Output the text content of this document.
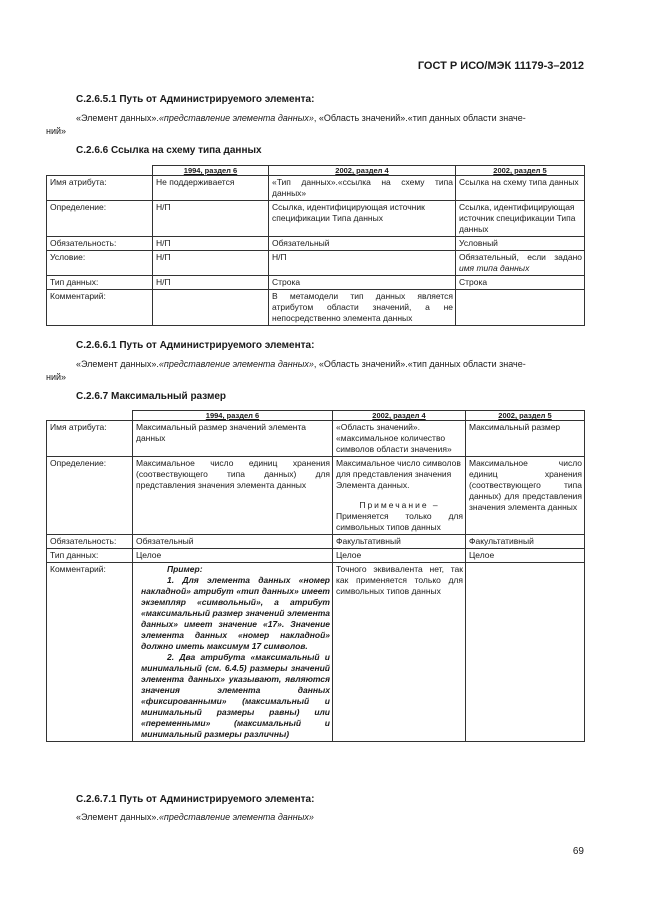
ГОСТ Р ИСО/МЭК 11179-3–2012
C.2.6.5.1 Путь от Администрируемого элемента:
«Элемент данных».«представление элемента данных», «Область значений».«тип данных области значе-
ний»
C.2.6.6 Ссылка на схему типа данных
	1994, раздел 6	2002, раздел 4	2002, раздел 5
Имя атрибута:	Не поддерживается	«Тип данных».«ссылка на схему типа данных»	Ссылка на схему типа данных
Определение:	Н/П	Ссылка, идентифицирующая источник спецификации Типа данных	Ссылка, идентифицирующая источник спецификации Типа данных
Обязательность:	Н/П	Обязательный	Условный
Условие:	Н/П	Н/П	Обязательный, если задано имя типа данных
Тип данных:	Н/П	Строка	Строка
Комментарий:		В метамодели тип данных является атрибутом области значений, а не непосредственно элемента данных	
C.2.6.6.1 Путь от Администрируемого элемента:
«Элемент данных».«представление элемента данных», «Область значений».«тип данных области значе-
ний»
C.2.6.7 Максимальный размер
	1994, раздел 6	2002, раздел 4	2002, раздел 5
Имя атрибута:	Максимальный размер значений элемента данных	«Область значений». «максимальное количество символов области значения»	Максимальный размер
Определение:	Максимальное число единиц хранения (соотвествующего типа данных) для представления значения элемента данных	Максимальное число символов для представления значения Элемента данных.
Примечание –
Применяется только для символьных типов данных	Максимальное число единиц хранения (соотвествующего типа данных) для представления значения элемента данных
Обязательность:	Обязательный	Факультативный	Факультативный
Тип данных:	Целое	Целое	Целое
Комментарий:	Пример:
1. Для элемента данных «номер накладной» атрибут «тип данных» имеет экземпляр «символьный», а атрибут «максимальный размер значений элемента данных» имеет значение «17». Значение элемента данных «номер накладной» должно иметь максимум 17 символов.
2. Два атрибута «максимальный и минимальный (см. 6.4.5) размеры значений элемента данных» указывают, являются значения элемента данных «фиксированными» (максимальный и минимальный размеры равны) или «переменными» (максимальный и минимальный размеры различны)	Точного эквивалента нет, так как применяется только для символьных типов данных	
C.2.6.7.1 Путь от Администрируемого элемента:
«Элемент данных».«представление элемента данных»
69
